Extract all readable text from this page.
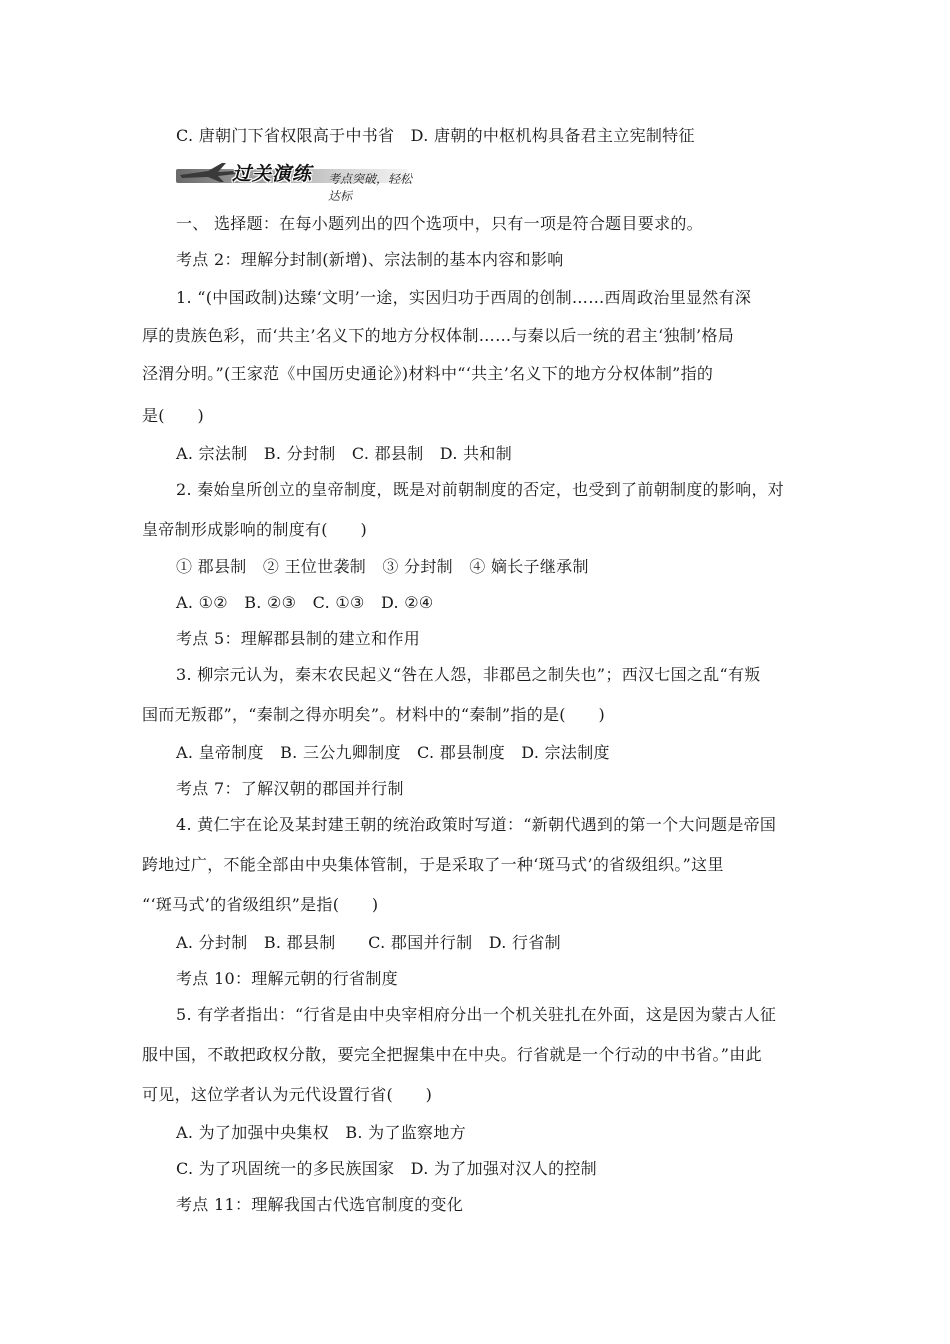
过关演练 考点突破，轻松达标
C. 唐朝门下省权限高于中书省　D. 唐朝的中枢机构具备君主立宪制特征
一、 选择题：在每小题列出的四个选项中，只有一项是符合题目要求的。
考点 2：理解分封制(新增)、宗法制的基本内容和影响
1. “(中国政制)达臻‘文明’一途，实因归功于西周的创制……西周政治里显然有深
厚的贵族色彩，而‘共主’名义下的地方分权体制……与秦以后一统的君主‘独制’格局
泾渭分明。”(王家范《中国历史通论》)材料中“‘共主’名义下的地方分权体制”指的
是(　　)
A. 宗法制　B. 分封制　C. 郡县制　D. 共和制
2. 秦始皇所创立的皇帝制度，既是对前朝制度的否定，也受到了前朝制度的影响，对
皇帝制形成影响的制度有(　　)
① 郡县制　② 王位世袭制　③ 分封制　④ 嫡长子继承制
A. ①②　B. ②③　C. ①③　D. ②④
考点 5：理解郡县制的建立和作用
3. 柳宗元认为，秦末农民起义“咎在人怨，非郡邑之制失也”；西汉七国之乱“有叛
国而无叛郡”，“秦制之得亦明矣”。材料中的“秦制”指的是(　　)
A. 皇帝制度　B. 三公九卿制度　C. 郡县制度　D. 宗法制度
考点 7：了解汉朝的郡国并行制
4. 黄仁宇在论及某封建王朝的统治政策时写道：“新朝代遇到的第一个大问题是帝国
跨地过广，不能全部由中央集体管制，于是采取了一种‘斑马式’的省级组织。”这里
“‘斑马式’的省级组织”是指(　　)
A. 分封制　B. 郡县制　　C. 郡国并行制　D. 行省制
考点 10：理解元朝的行省制度
5. 有学者指出：“行省是由中央宰相府分出一个机关驻扎在外面，这是因为蒙古人征
服中国，不敢把政权分散，要完全把握集中在中央。行省就是一个行动的中书省。”由此
可见，这位学者认为元代设置行省(　　)
A. 为了加强中央集权　B. 为了监察地方
C. 为了巩固统一的多民族国家　D. 为了加强对汉人的控制
考点 11：理解我国古代选官制度的变化
